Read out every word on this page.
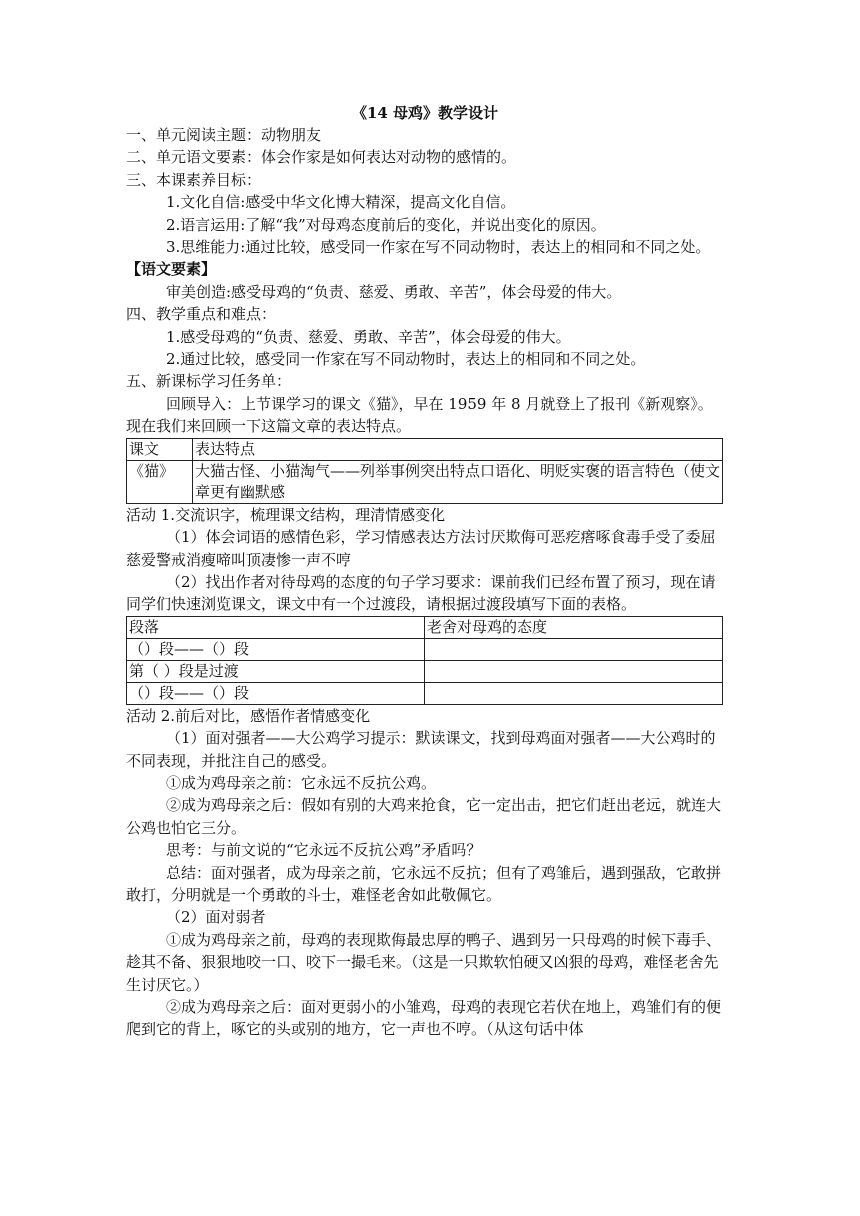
《14 母鸡》教学设计

一、单元阅读主题：动物朋友

二、单元语文要素：体会作家是如何表达对动物的感情的。

三、本课素养目标：

1.文化自信:感受中华文化博大精深，提高文化自信。

2.语言运用:了解“我”对母鸡态度前后的变化，并说出变化的原因。

3.思维能力:通过比较，感受同一作家在写不同动物时，表达上的相同和不同之处。

【语文要素】

审美创造:感受母鸡的“负责、慈爱、勇敢、辛苦”，体会母爱的伟大。

四、教学重点和难点：

1.感受母鸡的“负责、慈爱、勇敢、辛苦”，体会母爱的伟大。

2.通过比较，感受同一作家在写不同动物时，表达上的相同和不同之处。

五、新课标学习任务单：

回顾导入：上节课学习的课文《猫》，早在 1959 年 8 月就登上了报刊《新观察》。现在我们来回顾一下这篇文章的表达特点。

课文	表达特点
《猫》	大猫古怪、小猫淘气——列举事例突出特点口语化、明贬实褒的语言特色（使文章更有幽默感

活动 1.交流识字，梳理课文结构，理清情感变化

（1）体会词语的感情色彩，学习情感表达方法讨厌欺侮可恶疙瘩啄食毒手受了委屈慈爱警戒消瘦啼叫顶凄惨一声不哼

（2）找出作者对待母鸡的态度的句子学习要求：课前我们已经布置了预习，现在请同学们快速浏览课文，课文中有一个过渡段，请根据过渡段填写下面的表格。

段落	老舍对母鸡的态度
（）段——（）段	
第（ ）段是过渡	
（）段——（）段	

活动 2.前后对比，感悟作者情感变化

（1）面对强者——大公鸡学习提示：默读课文，找到母鸡面对强者——大公鸡时的不同表现，并批注自己的感受。

①成为鸡母亲之前：它永远不反抗公鸡。

②成为鸡母亲之后：假如有别的大鸡来抢食，它一定出击，把它们赶出老远，就连大公鸡也怕它三分。

思考：与前文说的“它永远不反抗公鸡”矛盾吗？

总结：面对强者，成为母亲之前，它永远不反抗；但有了鸡雏后，遇到强敌，它敢拼敢打，分明就是一个勇敢的斗士，难怪老舍如此敬佩它。

（2）面对弱者

①成为鸡母亲之前，母鸡的表现欺侮最忠厚的鸭子、遇到另一只母鸡的时候下毒手、趁其不备、狠狠地咬一口、咬下一撮毛来。（这是一只欺软怕硬又凶狠的母鸡，难怪老舍先生讨厌它。）

②成为鸡母亲之后：面对更弱小的小雏鸡，母鸡的表现它若伏在地上，鸡雏们有的便爬到它的背上，啄它的头或别的地方，它一声也不哼。（从这句话中体
